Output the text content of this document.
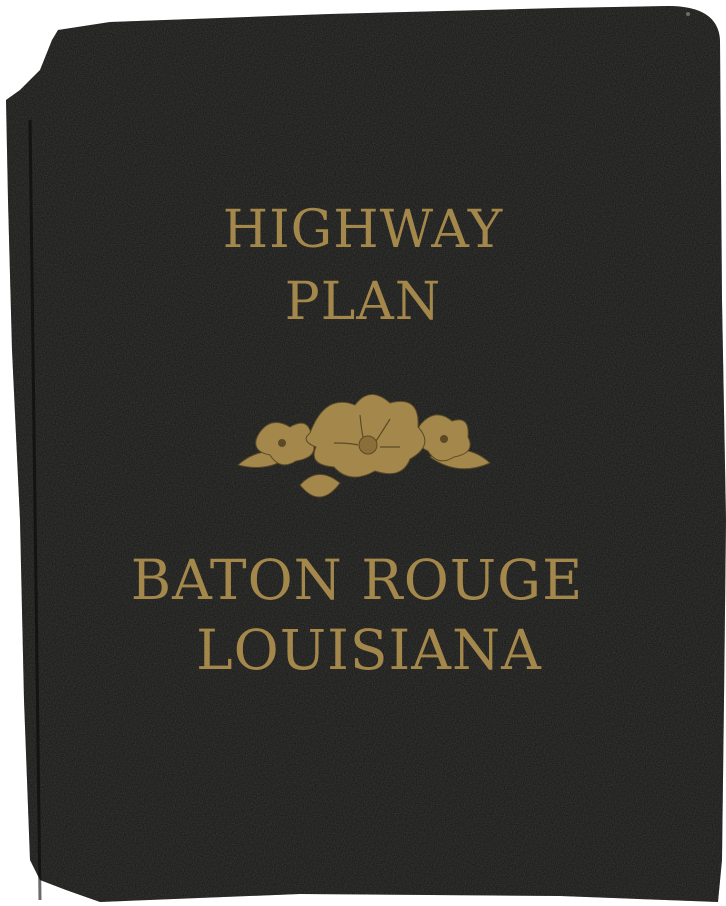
HIGHWAY
PLAN
BATON ROUGE
LOUISIANA
